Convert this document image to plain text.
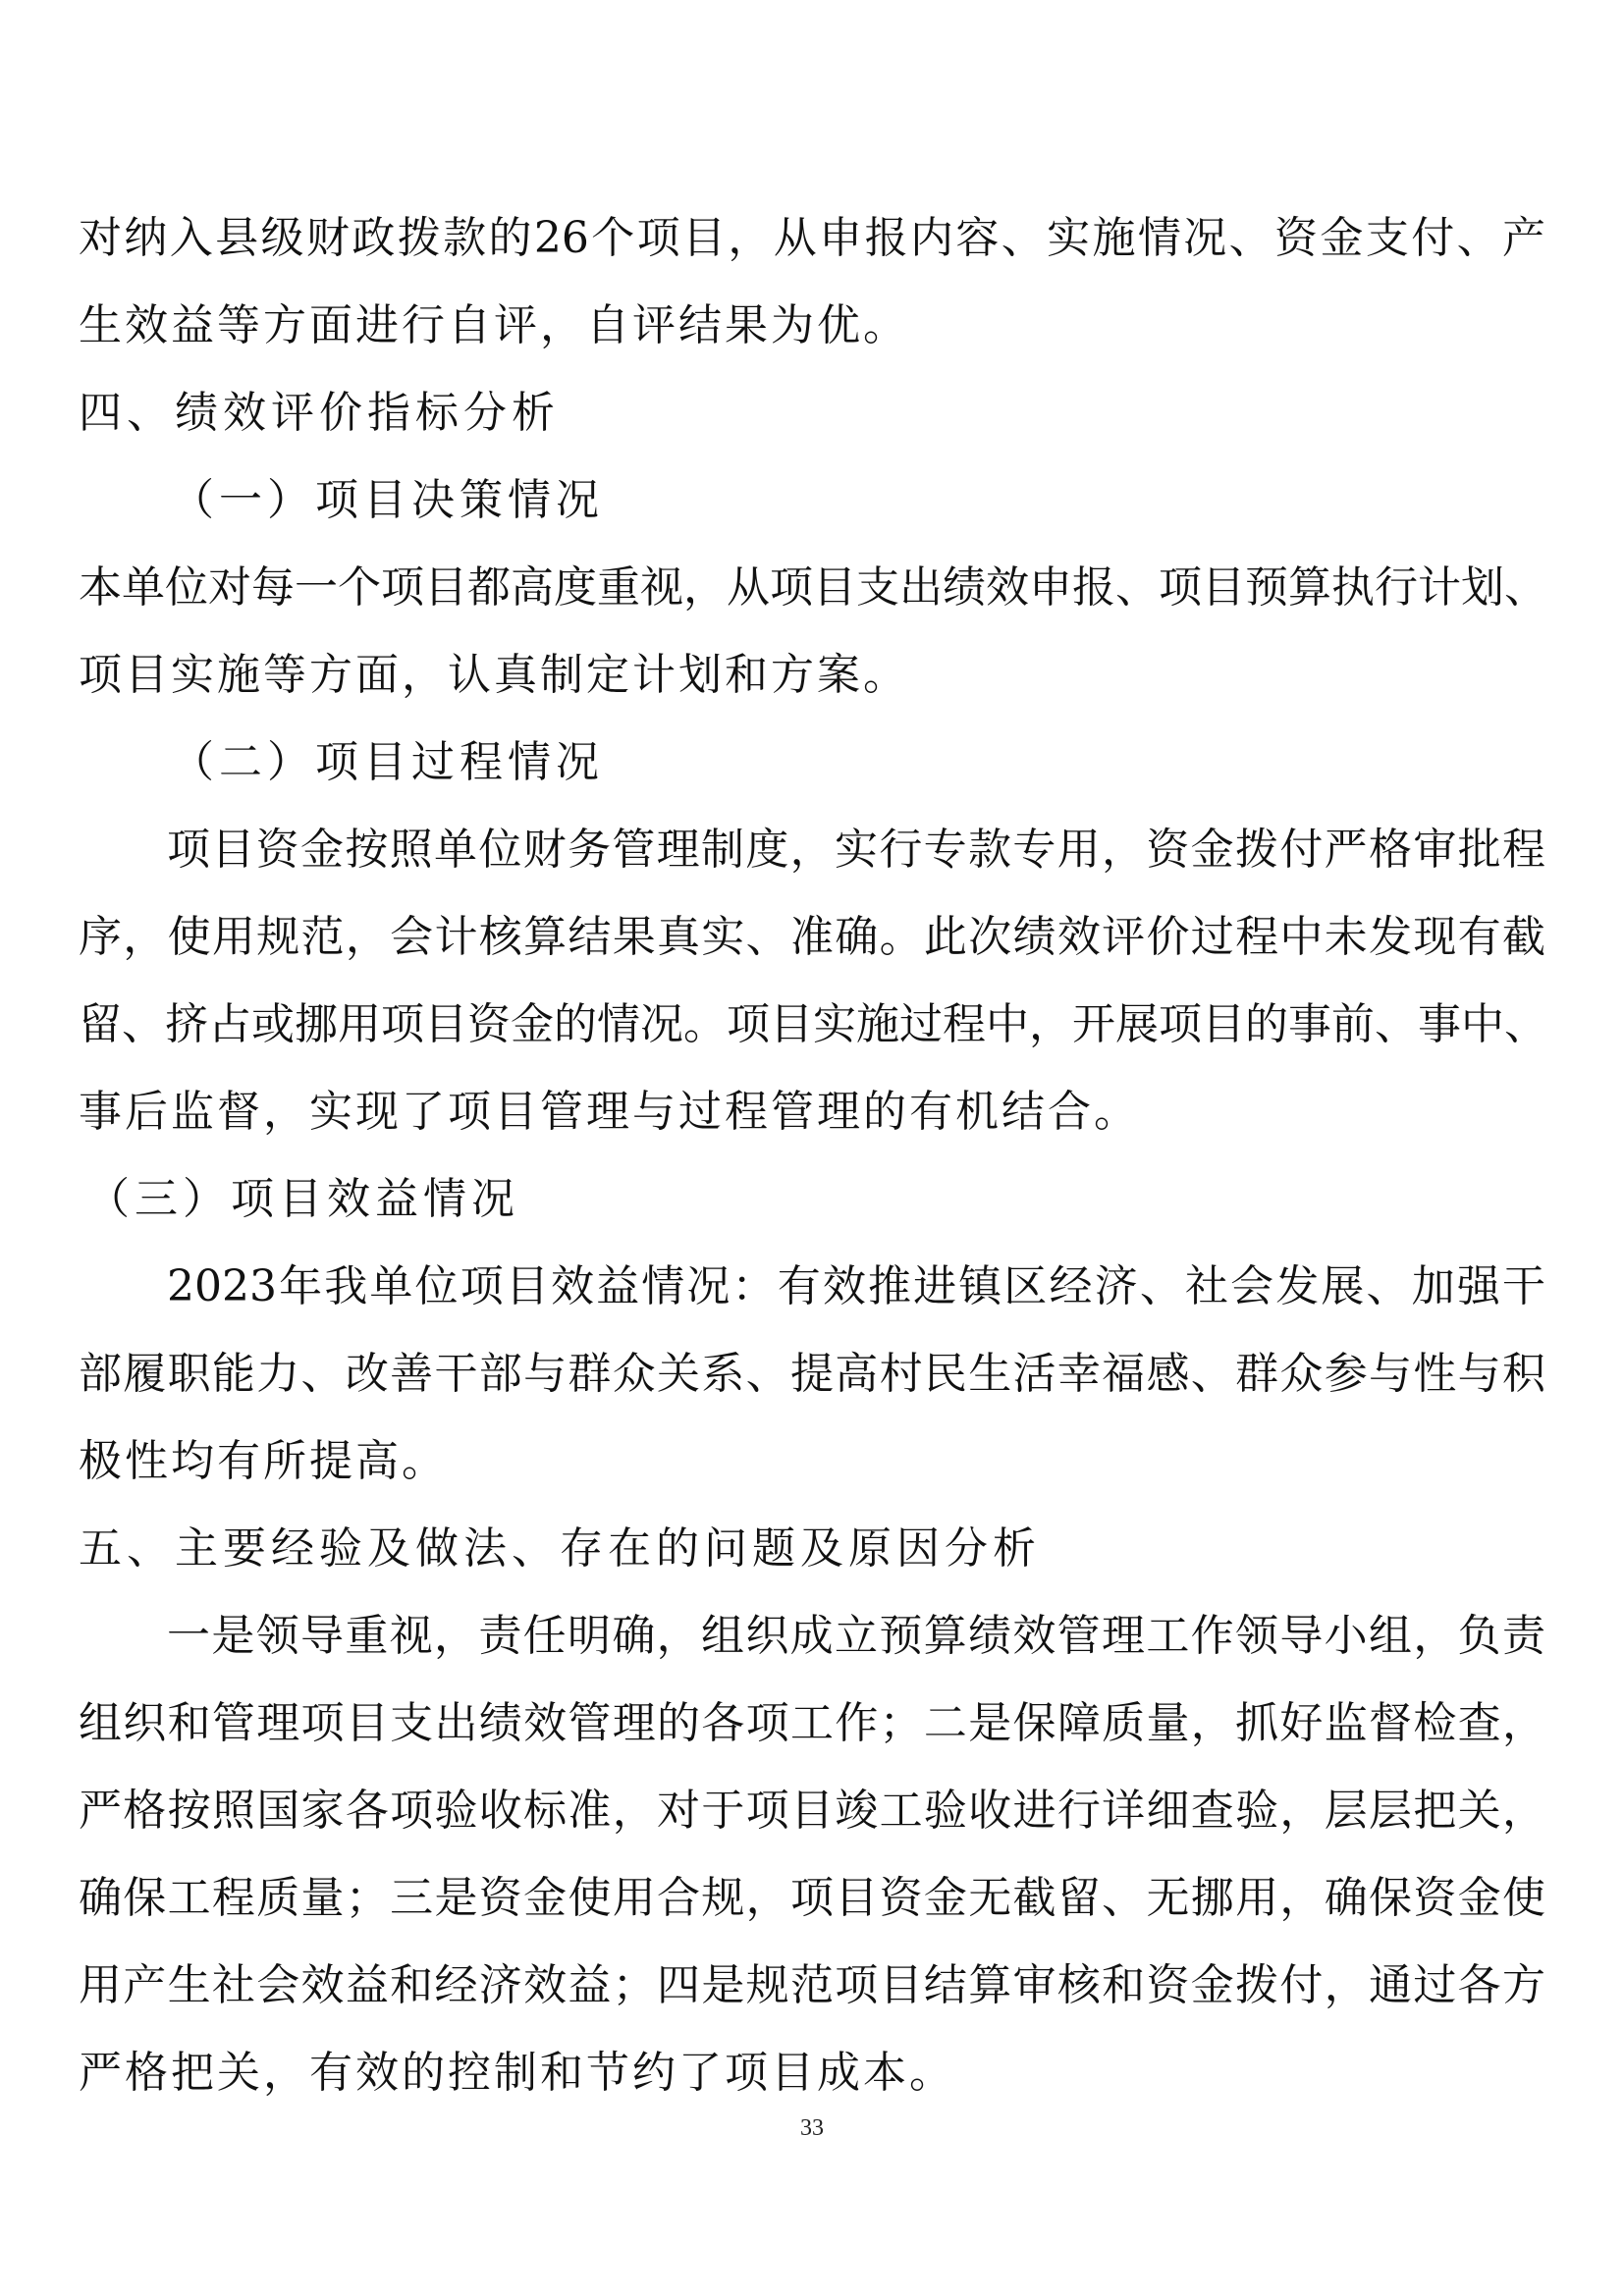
对纳入县级财政拨款的26个项目，从申报内容、实施情况、资金支付、产

生效益等方面进行自评，自评结果为优。

四、绩效评价指标分析

（一）项目决策情况

本单位对每一个项目都高度重视，从项目支出绩效申报、项目预算执行计划、

项目实施等方面，认真制定计划和方案。

（二）项目过程情况

项目资金按照单位财务管理制度，实行专款专用，资金拨付严格审批程

序，使用规范，会计核算结果真实、准确。此次绩效评价过程中未发现有截

留、挤占或挪用项目资金的情况。项目实施过程中，开展项目的事前、事中、

事后监督，实现了项目管理与过程管理的有机结合。

（三）项目效益情况

2023年我单位项目效益情况：有效推进镇区经济、社会发展、加强干

部履职能力、改善干部与群众关系、提高村民生活幸福感、群众参与性与积

极性均有所提高。

五、主要经验及做法、存在的问题及原因分析

一是领导重视，责任明确，组织成立预算绩效管理工作领导小组，负责

组织和管理项目支出绩效管理的各项工作；二是保障质量，抓好监督检查，

严格按照国家各项验收标准，对于项目竣工验收进行详细查验，层层把关，

确保工程质量；三是资金使用合规，项目资金无截留、无挪用，确保资金使

用产生社会效益和经济效益；四是规范项目结算审核和资金拨付，通过各方

严格把关，有效的控制和节约了项目成本。

33
